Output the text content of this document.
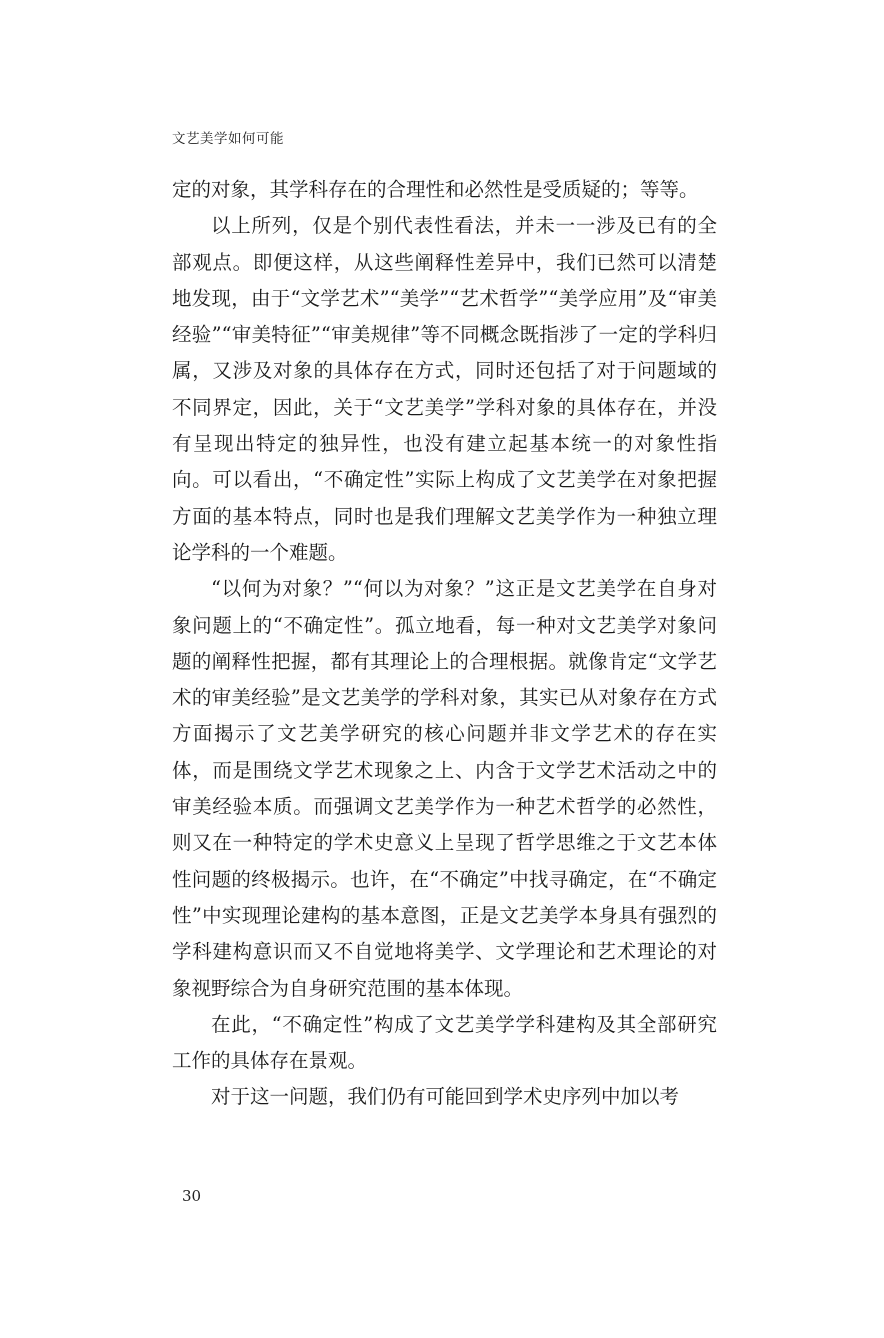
文艺美学如何可能

定的对象，其学科存在的合理性和必然性是受质疑的；等等。

以上所列，仅是个别代表性看法，并未一一涉及已有的全部观点。即便这样，从这些阐释性差异中，我们已然可以清楚地发现，由于“文学艺术”“美学”“艺术哲学”“美学应用”及“审美经验”“审美特征”“审美规律”等不同概念既指涉了一定的学科归属，又涉及对象的具体存在方式，同时还包括了对于问题域的不同界定，因此，关于“文艺美学”学科对象的具体存在，并没有呈现出特定的独异性，也没有建立起基本统一的对象性指向。可以看出，“不确定性”实际上构成了文艺美学在对象把握方面的基本特点，同时也是我们理解文艺美学作为一种独立理论学科的一个难题。

“以何为对象？”“何以为对象？”这正是文艺美学在自身对象问题上的“不确定性”。孤立地看，每一种对文艺美学对象问题的阐释性把握，都有其理论上的合理根据。就像肯定“文学艺术的审美经验”是文艺美学的学科对象，其实已从对象存在方式方面揭示了文艺美学研究的核心问题并非文学艺术的存在实体，而是围绕文学艺术现象之上、内含于文学艺术活动之中的审美经验本质。而强调文艺美学作为一种艺术哲学的必然性，则又在一种特定的学术史意义上呈现了哲学思维之于文艺本体性问题的终极揭示。也许，在“不确定”中找寻确定，在“不确定性”中实现理论建构的基本意图，正是文艺美学本身具有强烈的学科建构意识而又不自觉地将美学、文学理论和艺术理论的对象视野综合为自身研究范围的基本体现。

在此，“不确定性”构成了文艺美学学科建构及其全部研究工作的具体存在景观。

对于这一问题，我们仍有可能回到学术史序列中加以考

30
